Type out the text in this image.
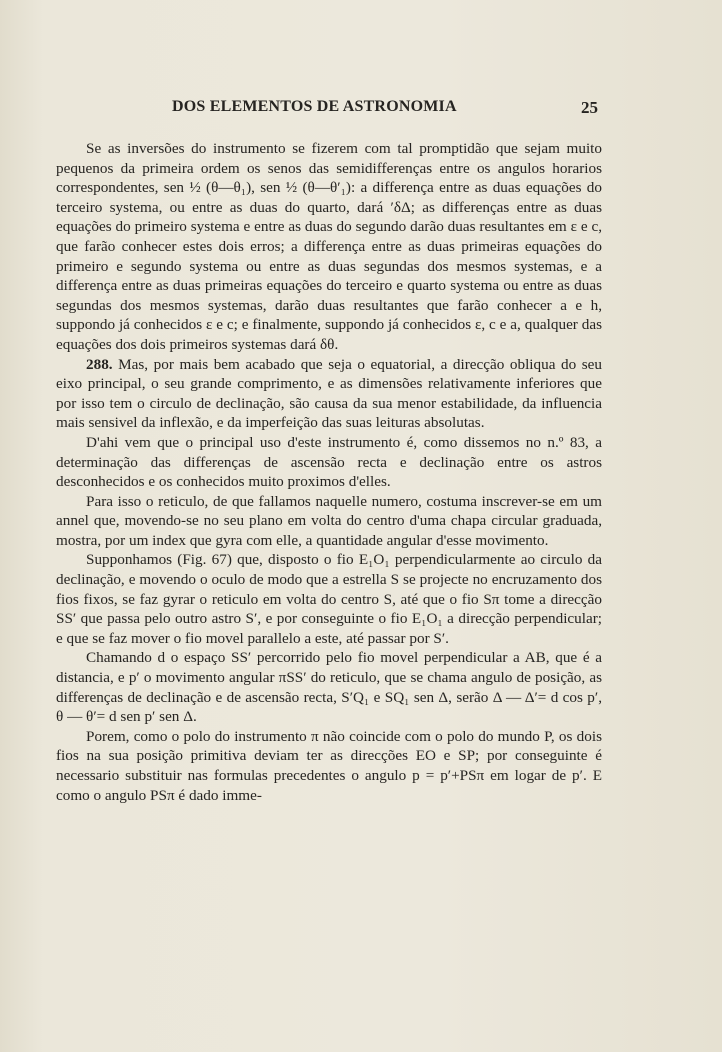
DOS ELEMENTOS DE ASTRONOMIA	25

Se as inversões do instrumento se fizerem com tal promptidão que sejam muito pequenos da primeira ordem os senos das semidifferenças entre os angulos horarios correspondentes, sen ½ (θ—θ₁), sen ½ (θ—θ′₁): a differença entre as duas equações do terceiro systema, ou entre as duas do quarto, dará ′δΔ; as differenças entre as duas equações do primeiro systema e entre as duas do segundo darão duas resultantes em ε e c, que farão conhecer estes dois erros; a differença entre as duas primeiras equações do primeiro e segundo systema ou entre as duas segundas dos mesmos systemas, e a differença entre as duas primeiras equações do terceiro e quarto systema ou entre as duas segundas dos mesmos systemas, darão duas resultantes que farão conhecer a e h, suppondo já conhecidos ε e c; e finalmente, suppondo já conhecidos ε, c e a, qualquer das equações dos dois primeiros systemas dará δθ.

288. Mas, por mais bem acabado que seja o equatorial, a direcção obliqua do seu eixo principal, o seu grande comprimento, e as dimensões relativamente inferiores que por isso tem o circulo de declinação, são causa da sua menor estabilidade, da influencia mais sensivel da inflexão, e da imperfeição das suas leituras absolutas.

D'ahi vem que o principal uso d'este instrumento é, como dissemos no n.º 83, a determinação das differenças de ascensão recta e declinação entre os astros desconhecidos e os conhecidos muito proximos d'elles.

Para isso o reticulo, de que fallamos naquelle numero, costuma inscrever-se em um annel que, movendo-se no seu plano em volta do centro d'uma chapa circular graduada, mostra, por um index que gyra com elle, a quantidade angular d'esse movimento.

Supponhamos (Fig. 67) que, disposto o fio E₁O₁ perpendicularmente ao circulo da declinação, e movendo o oculo de modo que a estrella S se projecte no encruzamento dos fios fixos, se faz gyrar o reticulo em volta do centro S, até que o fio Sπ tome a direcção SS′ que passa pelo outro astro S′, e por conseguinte o fio E₁O₁ a direcção perpendicular; e que se faz mover o fio movel parallelo a este, até passar por S′.

Chamando d o espaço SS′ percorrido pelo fio movel perpendicular a AB, que é a distancia, e p′ o movimento angular πSS′ do reticulo, que se chama angulo de posição, as differenças de declinação e de ascensão recta, S′Q₁ e SQ₁ sen Δ, serão Δ — Δ′= d cos p′, θ — θ′= d sen p′ sen Δ.

Porem, como o polo do instrumento π não coincide com o polo do mundo P, os dois fios na sua posição primitiva deviam ter as direcções EO e SP; por conseguinte é necessario substituir nas formulas precedentes o angulo p = p′+PSπ em logar de p′. E como o angulo PSπ é dado imme-
